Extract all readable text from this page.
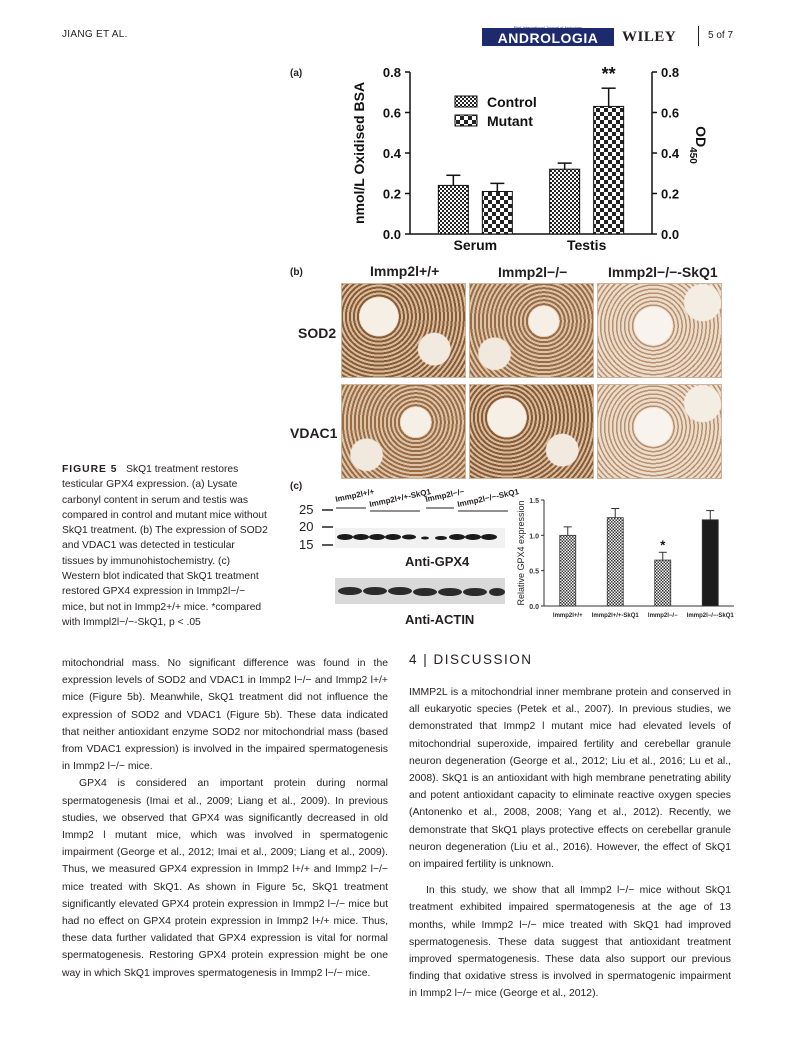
JIANG ET AL.	ANDROLOGIA	WILEY	5 of 7
(a)
0.0	0.0
0.2	0.2
0.4	0.4
0.6	0.6
0.8	0.8
nmol/L Oxidised BSA	$OD_{450}$
Serum	Testis
**
Control
Mutant
(b)	Immp2l+/+	Immp2l−/−	Immp2l−/−-SkQ1
SOD2
VDAC1
(c)
Immp2l+/+
Immp2l+/+-SkQ1
Immp2l−/−
Immp2l−/−-SkQ1
25
20
15
Anti-GPX4
Anti-ACTIN
0.0
0.5
1.0
1.5
Relative GPX4 expression
Immp2l+/+ Immp2l+/+-SkQ1 Immp2l−/− Immp2l−/−-SkQ1
*
FIGURE 5 SkQ1 treatment restores testicular GPX4 expression. (a) Lysate carbonyl content in serum and testis was compared in control and mutant mice without SkQ1 treatment. (b) The expression of SOD2 and VDAC1 was detected in testicular tissues by immunohistochemistry. (c) Western blot indicated that SkQ1 treatment restored GPX4 expression in Immp2l−/− mice, but not in Immp2+/+ mice. *compared with Immpl2l−/−-SkQ1, p < .05

mitochondrial mass. No significant difference was found in the expression levels of SOD2 and VDAC1 in Immp2 l−/− and Immp2 l+/+ mice (Figure 5b). Meanwhile, SkQ1 treatment did not influence the expression of SOD2 and VDAC1 (Figure 5b). These data indicated that neither antioxidant enzyme SOD2 nor mitochondrial mass (based from VDAC1 expression) is involved in the impaired spermatogenesis in Immp2 l−/− mice.

GPX4 is considered an important protein during normal spermatogenesis (Imai et al., 2009; Liang et al., 2009). In previous studies, we observed that GPX4 was significantly decreased in old Immp2 l mutant mice, which was involved in spermatogenic impairment (George et al., 2012; Imai et al., 2009; Liang et al., 2009). Thus, we measured GPX4 expression in Immp2 l+/+ and Immp2 l−/− mice treated with SkQ1. As shown in Figure 5c, SkQ1 treatment significantly elevated GPX4 protein expression in Immp2 l−/− mice but had no effect on GPX4 protein expression in Immp2 l+/+ mice. Thus, these data further validated that GPX4 expression is vital for normal spermatogenesis. Restoring GPX4 protein expression might be one way in which SkQ1 improves spermatogenesis in Immp2 l−/− mice.

4 | DISCUSSION

IMMP2L is a mitochondrial inner membrane protein and conserved in all eukaryotic species (Petek et al., 2007). In previous studies, we demonstrated that Immp2 l mutant mice had elevated levels of mitochondrial superoxide, impaired fertility and cerebellar granule neuron degeneration (George et al., 2012; Liu et al., 2016; Lu et al., 2008). SkQ1 is an antioxidant with high membrane penetrating ability and potent antioxidant capacity to eliminate reactive oxygen species (Antonenko et al., 2008, 2008; Yang et al., 2012). Recently, we demonstrate that SkQ1 plays protective effects on cerebellar granule neuron degeneration (Liu et al., 2016). However, the effect of SkQ1 on impaired fertility is unknown.

In this study, we show that all Immp2 l−/− mice without SkQ1 treatment exhibited impaired spermatogenesis at the age of 13 months, while Immp2 l−/− mice treated with SkQ1 had improved spermatogenesis. These data suggest that antioxidant treatment improved spermatogenesis. These data also support our previous finding that oxidative stress is involved in spermatogenic impairment in Immp2 l−/− mice (George et al., 2012).
